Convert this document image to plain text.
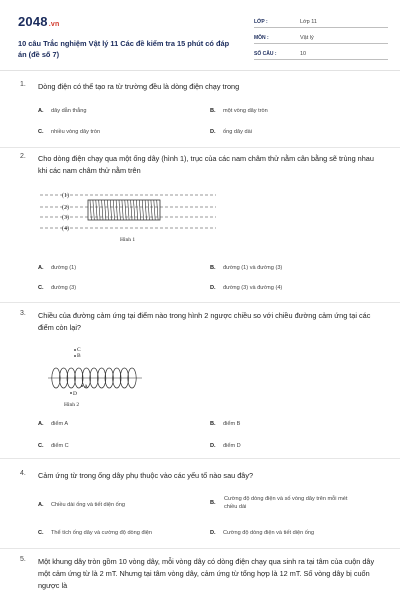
2048.vn
10 câu Trắc nghiệm Vật lý 11 Các đề kiểm tra 15 phút có đáp án (đề số 7)
LỚP :	Lớp 11
MÔN :	Vật lý
SỐ CÂU :	10
1. Dòng điện có thể tạo ra từ trường đều là dòng điện chạy trong
A. dây dẫn thẳng	B. một vòng dây tròn
C. nhiều vòng dây tròn	D. ống dây dài
2. Cho dòng điện chạy qua một ống dây (hình 1), trục của các nam châm thử nằm cân bằng sẽ trùng nhau khi các nam châm thử nằm trên
(1)
(2)
(3)
(4)
Hình 1
A. đường (1)	B. đường (1) và đường (3)
C. đường (3)	D. đường (3) và đường (4)
3. Chiều của đường cảm ứng tại điểm nào trong hình 2 ngược chiều so với chiều đường cảm ứng tại các điểm còn lại?
C
B
A
D
Hình 2
A. điểm A	B. điểm B
C. điểm C	D. điểm D
4. Cảm ứng từ trong ống dây phụ thuộc vào các yếu tố nào sau đây?
A. Chiều dài ống và tiết diện ống	B.
Cường độ dòng điện và số vòng dây trên mỗi mét chiều dài
C. Thể tích ống dây và cường độ dòng điện	D. Cường độ dòng điện và tiết diện ống
5. Một khung dây tròn gồm 10 vòng dây, mỗi vòng dây có dòng điện chạy qua sinh ra tại tâm của cuộn dây một cảm ứng từ là 2 mT. Nhưng tại tâm vòng dây, cảm ứng từ tổng hợp là 12 mT. Số vòng dây bị cuốn ngược là
